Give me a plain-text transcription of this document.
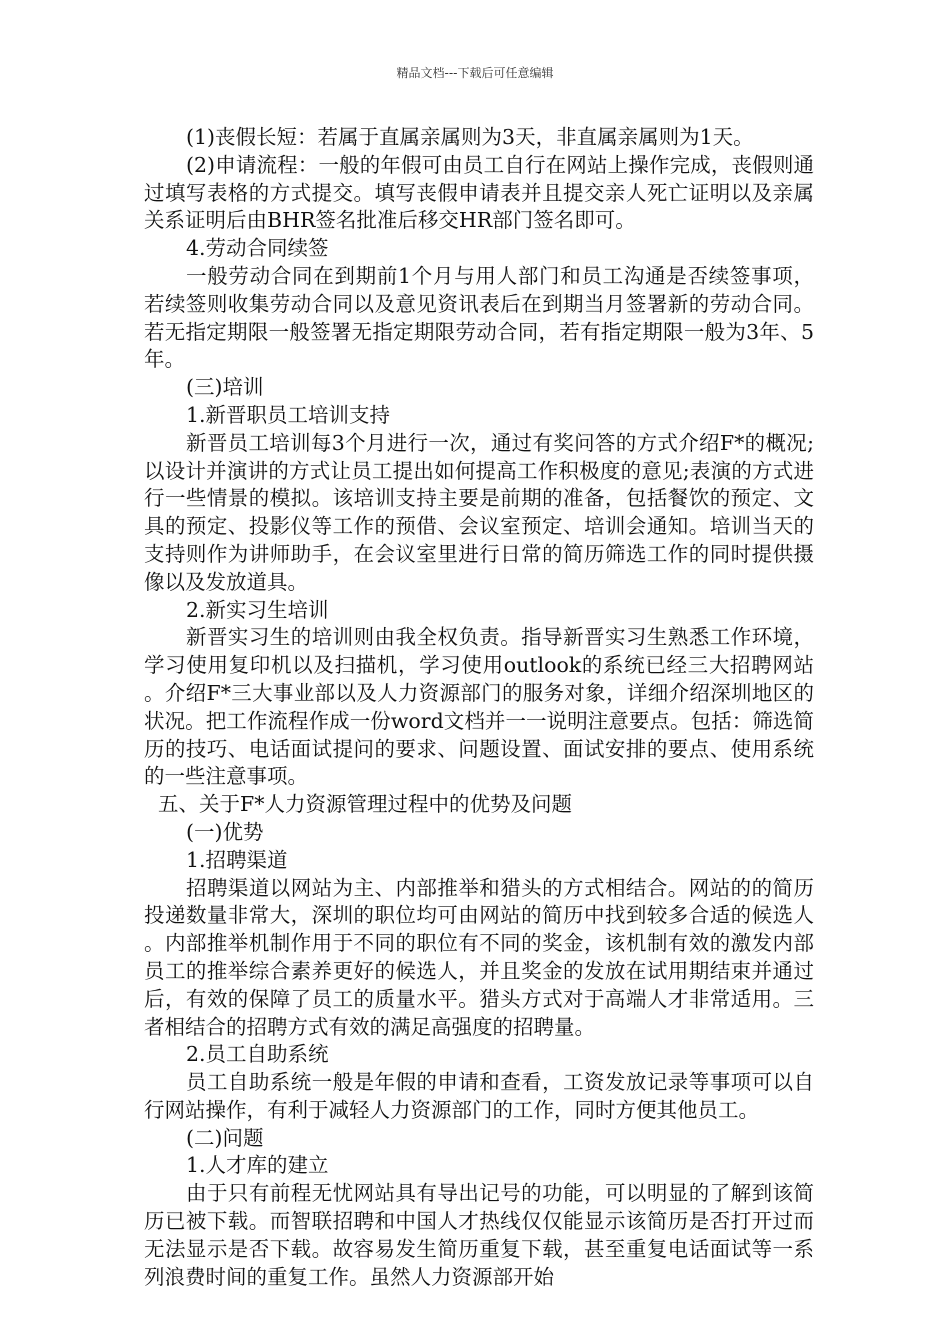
精品文档---下载后可任意编辑

(1)丧假长短：若属于直属亲属则为3天，非直属亲属则为1天。

(2)申请流程：一般的年假可由员工自行在网站上操作完成，丧假则通过填写表格的方式提交。填写丧假申请表并且提交亲人死亡证明以及亲属关系证明后由BHR签名批准后移交HR部门签名即可。

4.劳动合同续签

一般劳动合同在到期前1个月与用人部门和员工沟通是否续签事项，若续签则收集劳动合同以及意见资讯表后在到期当月签署新的劳动合同。若无指定期限一般签署无指定期限劳动合同，若有指定期限一般为3年、5年。

(三)培训

1.新晋职员工培训支持

新晋员工培训每3个月进行一次，通过有奖问答的方式介绍F*的概况;以设计并演讲的方式让员工提出如何提高工作积极度的意见;表演的方式进行一些情景的模拟。该培训支持主要是前期的准备，包括餐饮的预定、文具的预定、投影仪等工作的预借、会议室预定、培训会通知。培训当天的支持则作为讲师助手，在会议室里进行日常的简历筛选工作的同时提供摄像以及发放道具。

2.新实习生培训

新晋实习生的培训则由我全权负责。指导新晋实习生熟悉工作环境，学习使用复印机以及扫描机，学习使用outlook的系统已经三大招聘网站。介绍F*三大事业部以及人力资源部门的服务对象，详细介绍深圳地区的状况。把工作流程作成一份word文档并一一说明注意要点。包括：筛选简历的技巧、电话面试提问的要求、问题设置、面试安排的要点、使用系统的一些注意事项。

五、关于F*人力资源管理过程中的优势及问题

(一)优势

1.招聘渠道

招聘渠道以网站为主、内部推举和猎头的方式相结合。网站的的简历投递数量非常大，深圳的职位均可由网站的简历中找到较多合适的候选人。内部推举机制作用于不同的职位有不同的奖金，该机制有效的激发内部员工的推举综合素养更好的候选人，并且奖金的发放在试用期结束并通过后，有效的保障了员工的质量水平。猎头方式对于高端人才非常适用。三者相结合的招聘方式有效的满足高强度的招聘量。

2.员工自助系统

员工自助系统一般是年假的申请和查看，工资发放记录等事项可以自行网站操作，有利于减轻人力资源部门的工作，同时方便其他员工。

(二)问题

1.人才库的建立

由于只有前程无忧网站具有导出记号的功能，可以明显的了解到该简历已被下载。而智联招聘和中国人才热线仅仅能显示该简历是否打开过而无法显示是否下载。故容易发生简历重复下载，甚至重复电话面试等一系列浪费时间的重复工作。虽然人力资源部开始
